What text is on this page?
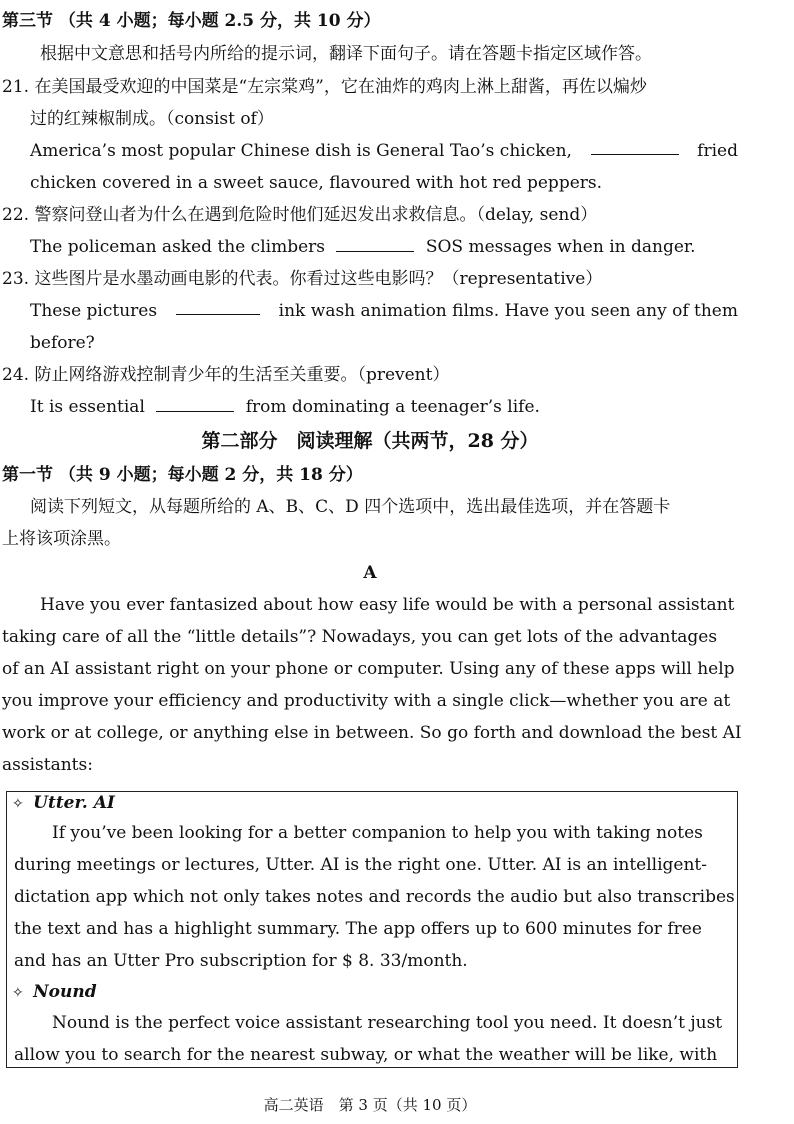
第三节 （共 4 小题；每小题 2.5 分，共 10 分）
根据中文意思和括号内所给的提示词，翻译下面句子。请在答题卡指定区域作答。
21. 在美国最受欢迎的中国菜是“左宗棠鸡”，它在油炸的鸡肉上淋上甜酱，再佐以煸炒
过的红辣椒制成。（consist of）
America’s most popular Chinese dish is General Tao’s chicken,	fried
chicken covered in a sweet sauce, flavoured with hot red peppers.
22. 警察问登山者为什么在遇到危险时他们延迟发出求救信息。（delay, send）
The policeman asked the climbers	SOS messages when in danger.
23. 这些图片是水墨动画电影的代表。你看过这些电影吗？（representative）
These pictures	ink wash animation films. Have you seen any of them
before?
24. 防止网络游戏控制青少年的生活至关重要。（prevent）
It is essential	from dominating a teenager’s life.
第二部分　阅读理解（共两节，28 分）
第一节 （共 9 小题；每小题 2 分，共 18 分）
阅读下列短文，从每题所给的 A、B、C、D 四个选项中，选出最佳选项，并在答题卡
上将该项涂黑。
A
Have you ever fantasized about how easy life would be with a personal assistant
taking care of all the “little details”? Nowadays, you can get lots of the advantages
of an AI assistant right on your phone or computer. Using any of these apps will help
you improve your efficiency and productivity with a single click—whether you are at
work or at college, or anything else in between. So go forth and download the best AI
assistants:
✧ Utter. AI
If you’ve been looking for a better companion to help you with taking notes
during meetings or lectures, Utter. AI is the right one. Utter. AI is an intelligent-
dictation app which not only takes notes and records the audio but also transcribes
the text and has a highlight summary. The app offers up to 600 minutes for free
and has an Utter Pro subscription for $ 8. 33/month.
✧ Nound
Nound is the perfect voice assistant researching tool you need. It doesn’t just
allow you to search for the nearest subway, or what the weather will be like, with
高二英语　第 3 页（共 10 页）
